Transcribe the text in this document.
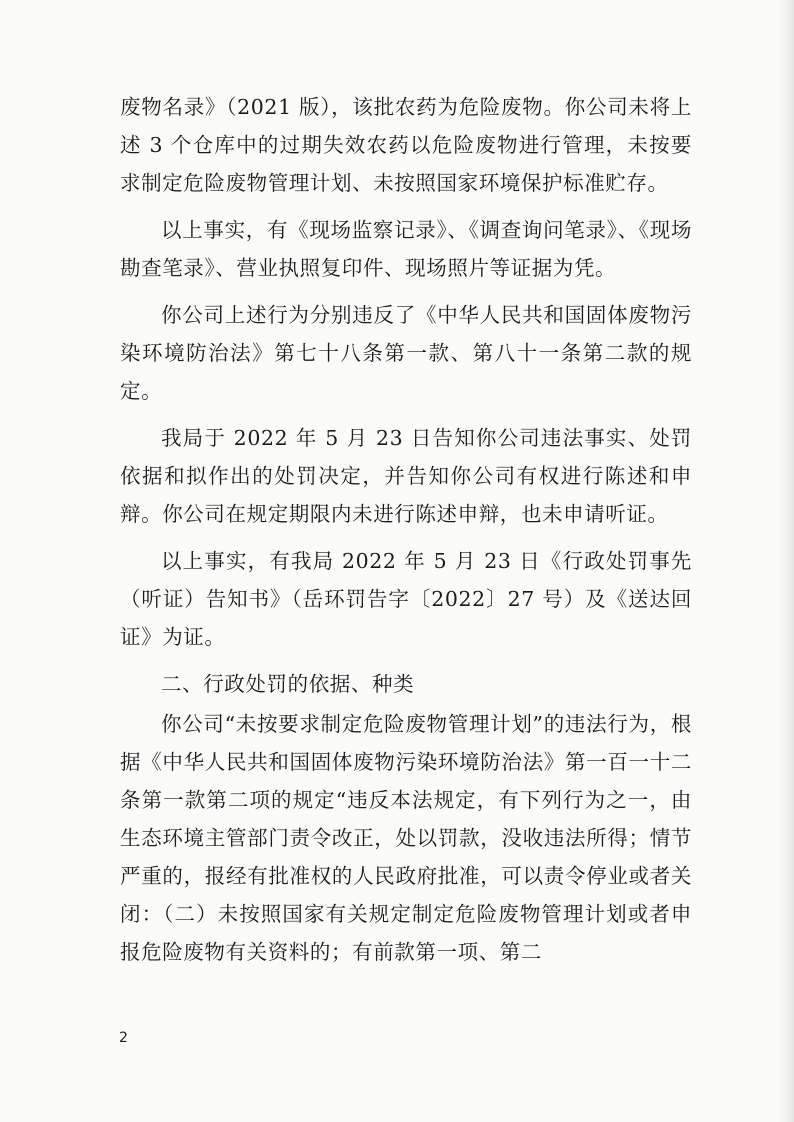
废物名录》（2021 版），该批农药为危险废物。你公司未将上述 3 个仓库中的过期失效农药以危险废物进行管理，未按要求制定危险废物管理计划、未按照国家环境保护标准贮存。

以上事实，有《现场监察记录》、《调查询问笔录》、《现场勘查笔录》、营业执照复印件、现场照片等证据为凭。

你公司上述行为分别违反了《中华人民共和国固体废物污染环境防治法》第七十八条第一款、第八十一条第二款的规定。

我局于 2022 年 5 月 23 日告知你公司违法事实、处罚依据和拟作出的处罚决定，并告知你公司有权进行陈述和申辩。你公司在规定期限内未进行陈述申辩，也未申请听证。

以上事实，有我局 2022 年 5 月 23 日《行政处罚事先（听证）告知书》（岳环罚告字〔2022〕27 号）及《送达回证》为证。

二、行政处罚的依据、种类

你公司“未按要求制定危险废物管理计划”的违法行为，根据《中华人民共和国固体废物污染环境防治法》第一百一十二条第一款第二项的规定“违反本法规定，有下列行为之一，由生态环境主管部门责令改正，处以罚款，没收违法所得；情节严重的，报经有批准权的人民政府批准，可以责令停业或者关闭：（二）未按照国家有关规定制定危险废物管理计划或者申报危险废物有关资料的；有前款第一项、第二

2
